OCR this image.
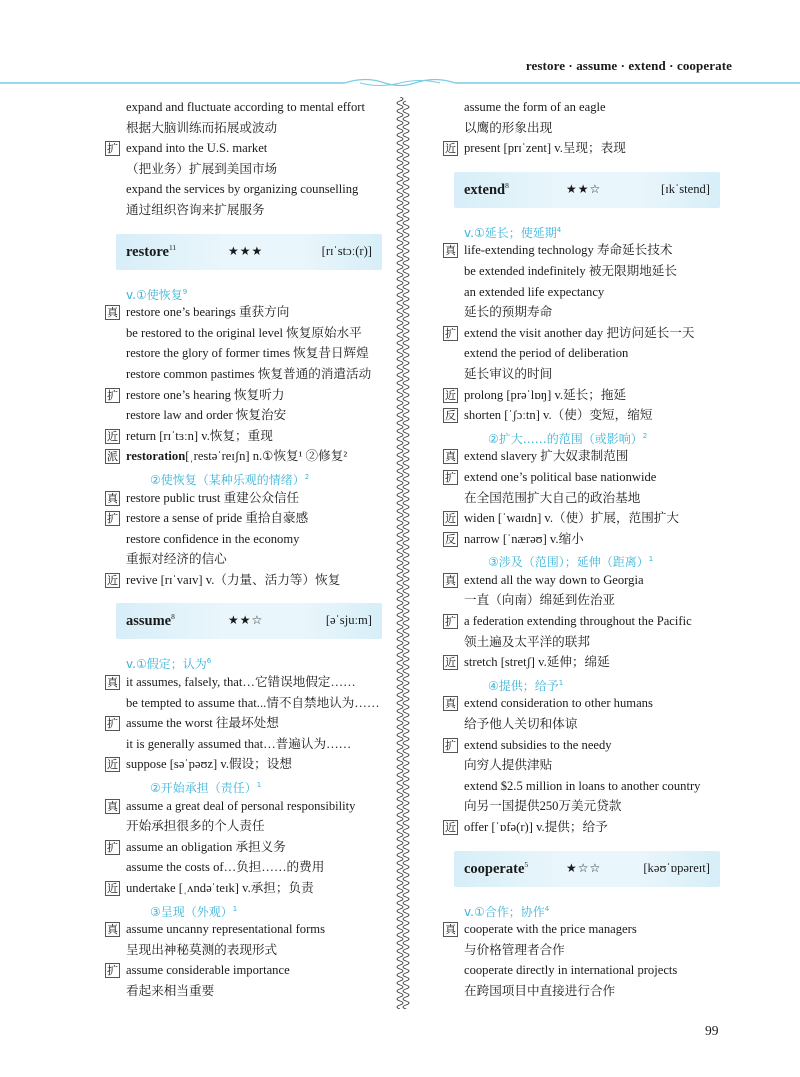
restore · assume · extend · cooperate
expand and fluctuate according to mental effort
根据大脑训练而拓展或波动
扩 expand into the U.S. market
（把业务）扩展到美国市场
expand the services by organizing counselling
通过组织咨询来扩展服务
restore$^{11}$	★★★	[rɪˈstɔː(r)]
v.①使恢复$^9$
真 restore one’s bearings 重获方向
be restored to the original level 恢复原始水平
restore the glory of former times 恢复昔日辉煌
restore common pastimes 恢复普通的消遣活动
扩 restore one’s hearing 恢复听力
restore law and order 恢复治安
近 return [rɪˈtɜːn] v.恢复；重现
派 restoration[ˌrestəˈreɪʃn] n.①恢复¹ ②修复²
②使恢复（某种乐观的情绪）$^2$
真 restore public trust 重建公众信任
扩 restore a sense of pride 重拾自豪感
restore confidence in the economy
重振对经济的信心
近 revive [rɪˈvaɪv] v.（力量、活力等）恢复
assume$^8$	★★☆	[əˈsjuːm]
v.①假定；认为$^6$
真 it assumes, falsely, that…它错误地假定……
be tempted to assume that...情不自禁地认为……
扩 assume the worst 往最坏处想
it is generally assumed that…普遍认为……
近 suppose [səˈpəʊz] v.假设；设想
②开始承担（责任）$^1$
真 assume a great deal of personal responsibility
开始承担很多的个人责任
扩 assume an obligation 承担义务
assume the costs of…负担……的费用
近 undertake [ˌʌndəˈteɪk] v.承担；负责
③呈现（外观）$^1$
真 assume uncanny representational forms
呈现出神秘莫测的表现形式
扩 assume considerable importance
看起来相当重要
assume the form of an eagle
以鹰的形象出现
近 present [prɪˈzent] v.呈现；表现
extend$^8$	★★☆	[ɪkˈstend]
v.①延长；使延期$^4$
真 life-extending technology 寿命延长技术
be extended indefinitely 被无限期地延长
an extended life expectancy
延长的预期寿命
扩 extend the visit another day 把访问延长一天
extend the period of deliberation
延长审议的时间
近 prolong [prəˈlɒŋ] v.延长；拖延
反 shorten [ˈʃɔːtn] v.（使）变短，缩短
②扩大……的范围（或影响）$^2$
真 extend slavery 扩大奴隶制范围
扩 extend one’s political base nationwide
在全国范围扩大自己的政治基地
近 widen [ˈwaɪdn] v.（使）扩展，范围扩大
反 narrow [ˈnærəʊ] v.缩小
③涉及（范围）；延伸（距离）$^1$
真 extend all the way down to Georgia
一直（向南）绵延到佐治亚
扩 a federation extending throughout the Pacific
领土遍及太平洋的联邦
近 stretch [stretʃ] v.延伸；绵延
④提供；给予$^1$
真 extend consideration to other humans
给予他人关切和体谅
扩 extend subsidies to the needy
向穷人提供津贴
extend $2.5 million in loans to another country
向另一国提供250万美元贷款
近 offer [ˈɒfə(r)] v.提供；给予
cooperate$^5$	★☆☆	[kəʊˈɒpəreɪt]
v.①合作；协作$^4$
真 cooperate with the price managers
与价格管理者合作
cooperate directly in international projects
在跨国项目中直接进行合作
99
